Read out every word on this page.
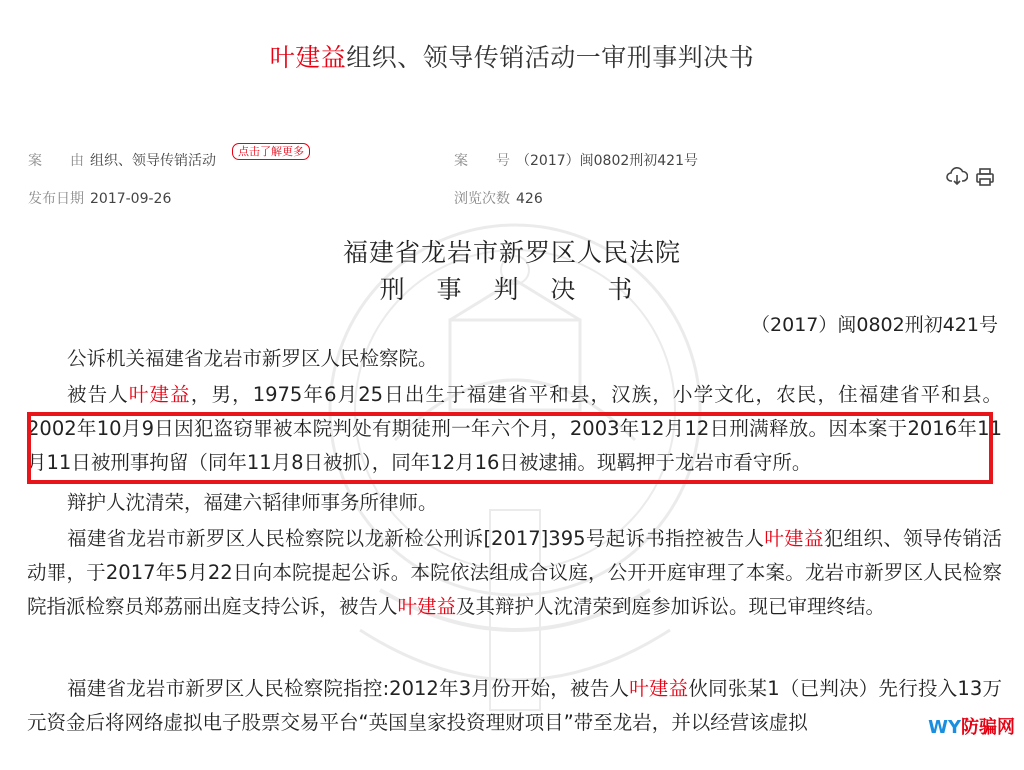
叶建益组织、领导传销活动一审刑事判决书
案　　由 组织、领导传销活动
点击了解更多
案　　号 （2017）闽0802刑初421号
发布日期 2017-09-26	浏览次数 426
福建省龙岩市新罗区人民法院
刑 事 判 决 书
（2017）闽0802刑初421号
公诉机关福建省龙岩市新罗区人民检察院。
被告人叶建益，男，1975年6月25日出生于福建省平和县，汉族，小学文化，农民，住福建省平和县。2002年10月9日因犯盗窃罪被本院判处有期徒刑一年六个月，2003年12月12日刑满释放。因本案于2016年11月11日被刑事拘留（同年11月8日被抓），同年12月16日被逮捕。现羁押于龙岩市看守所。
辩护人沈清荣，福建六韬律师事务所律师。
福建省龙岩市新罗区人民检察院以龙新检公刑诉[2017]395号起诉书指控被告人叶建益犯组织、领导传销活动罪，于2017年5月22日向本院提起公诉。本院依法组成合议庭，公开开庭审理了本案。龙岩市新罗区人民检察院指派检察员郑荔丽出庭支持公诉，被告人叶建益及其辩护人沈清荣到庭参加诉讼。现已审理终结。
福建省龙岩市新罗区人民检察院指控:2012年3月份开始，被告人叶建益伙同张某1（已判决）先行投入13万元资金后将网络虚拟电子股票交易平台“英国皇家投资理财项目”带至龙岩，并以经营该虚拟	WY防骗网
